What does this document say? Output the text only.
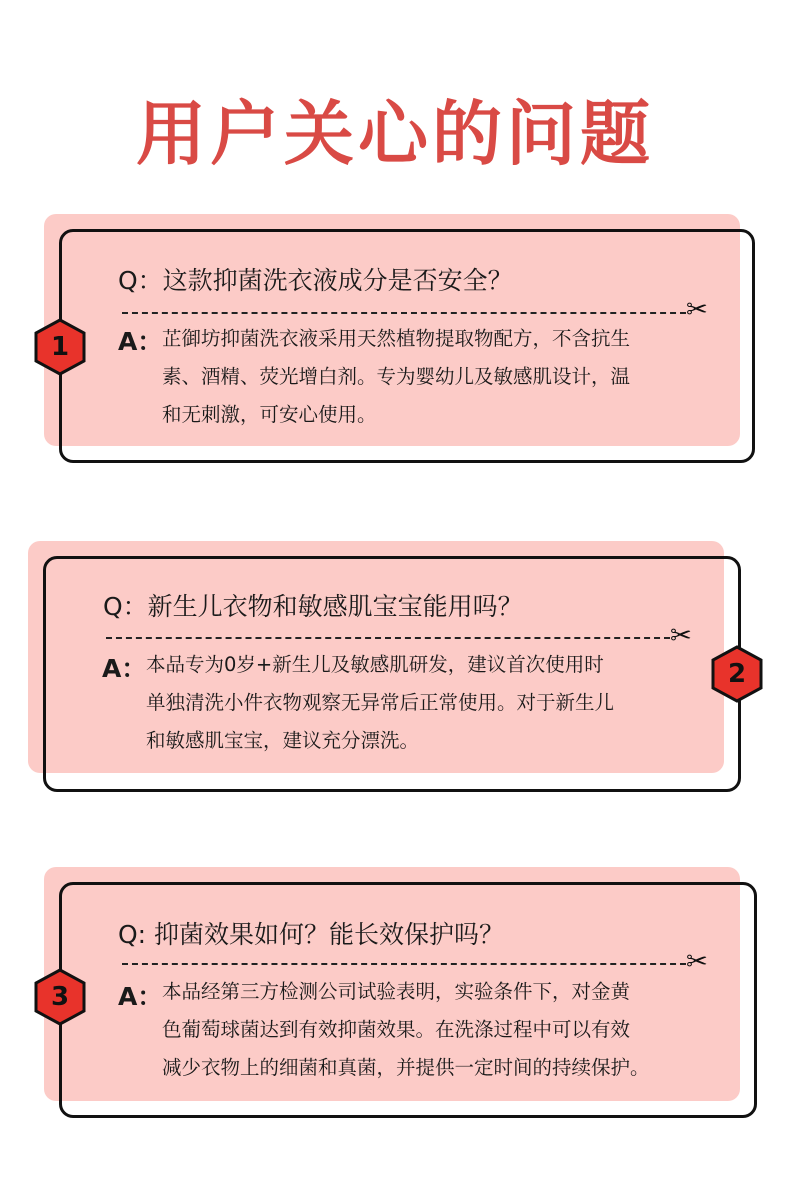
用户关心的问题
Q：这款抑菌洗衣液成分是否安全？
✂
A： 芷御坊抑菌洗衣液采用天然植物提取物配方，不含抗生
素、酒精、荧光增白剂。专为婴幼儿及敏感肌设计，温
和无刺激，可安心使用。
1
Q：新生儿衣物和敏感肌宝宝能用吗？
✂
A： 本品专为0岁+新生儿及敏感肌研发，建议首次使用时
单独清洗小件衣物观察无异常后正常使用。对于新生儿
和敏感肌宝宝，建议充分漂洗。
2
Q: 抑菌效果如何？能长效保护吗？
✂
A： 本品经第三方检测公司试验表明，实验条件下，对金黄
色葡萄球菌达到有效抑菌效果。在洗涤过程中可以有效
减少衣物上的细菌和真菌，并提供一定时间的持续保护。
3
